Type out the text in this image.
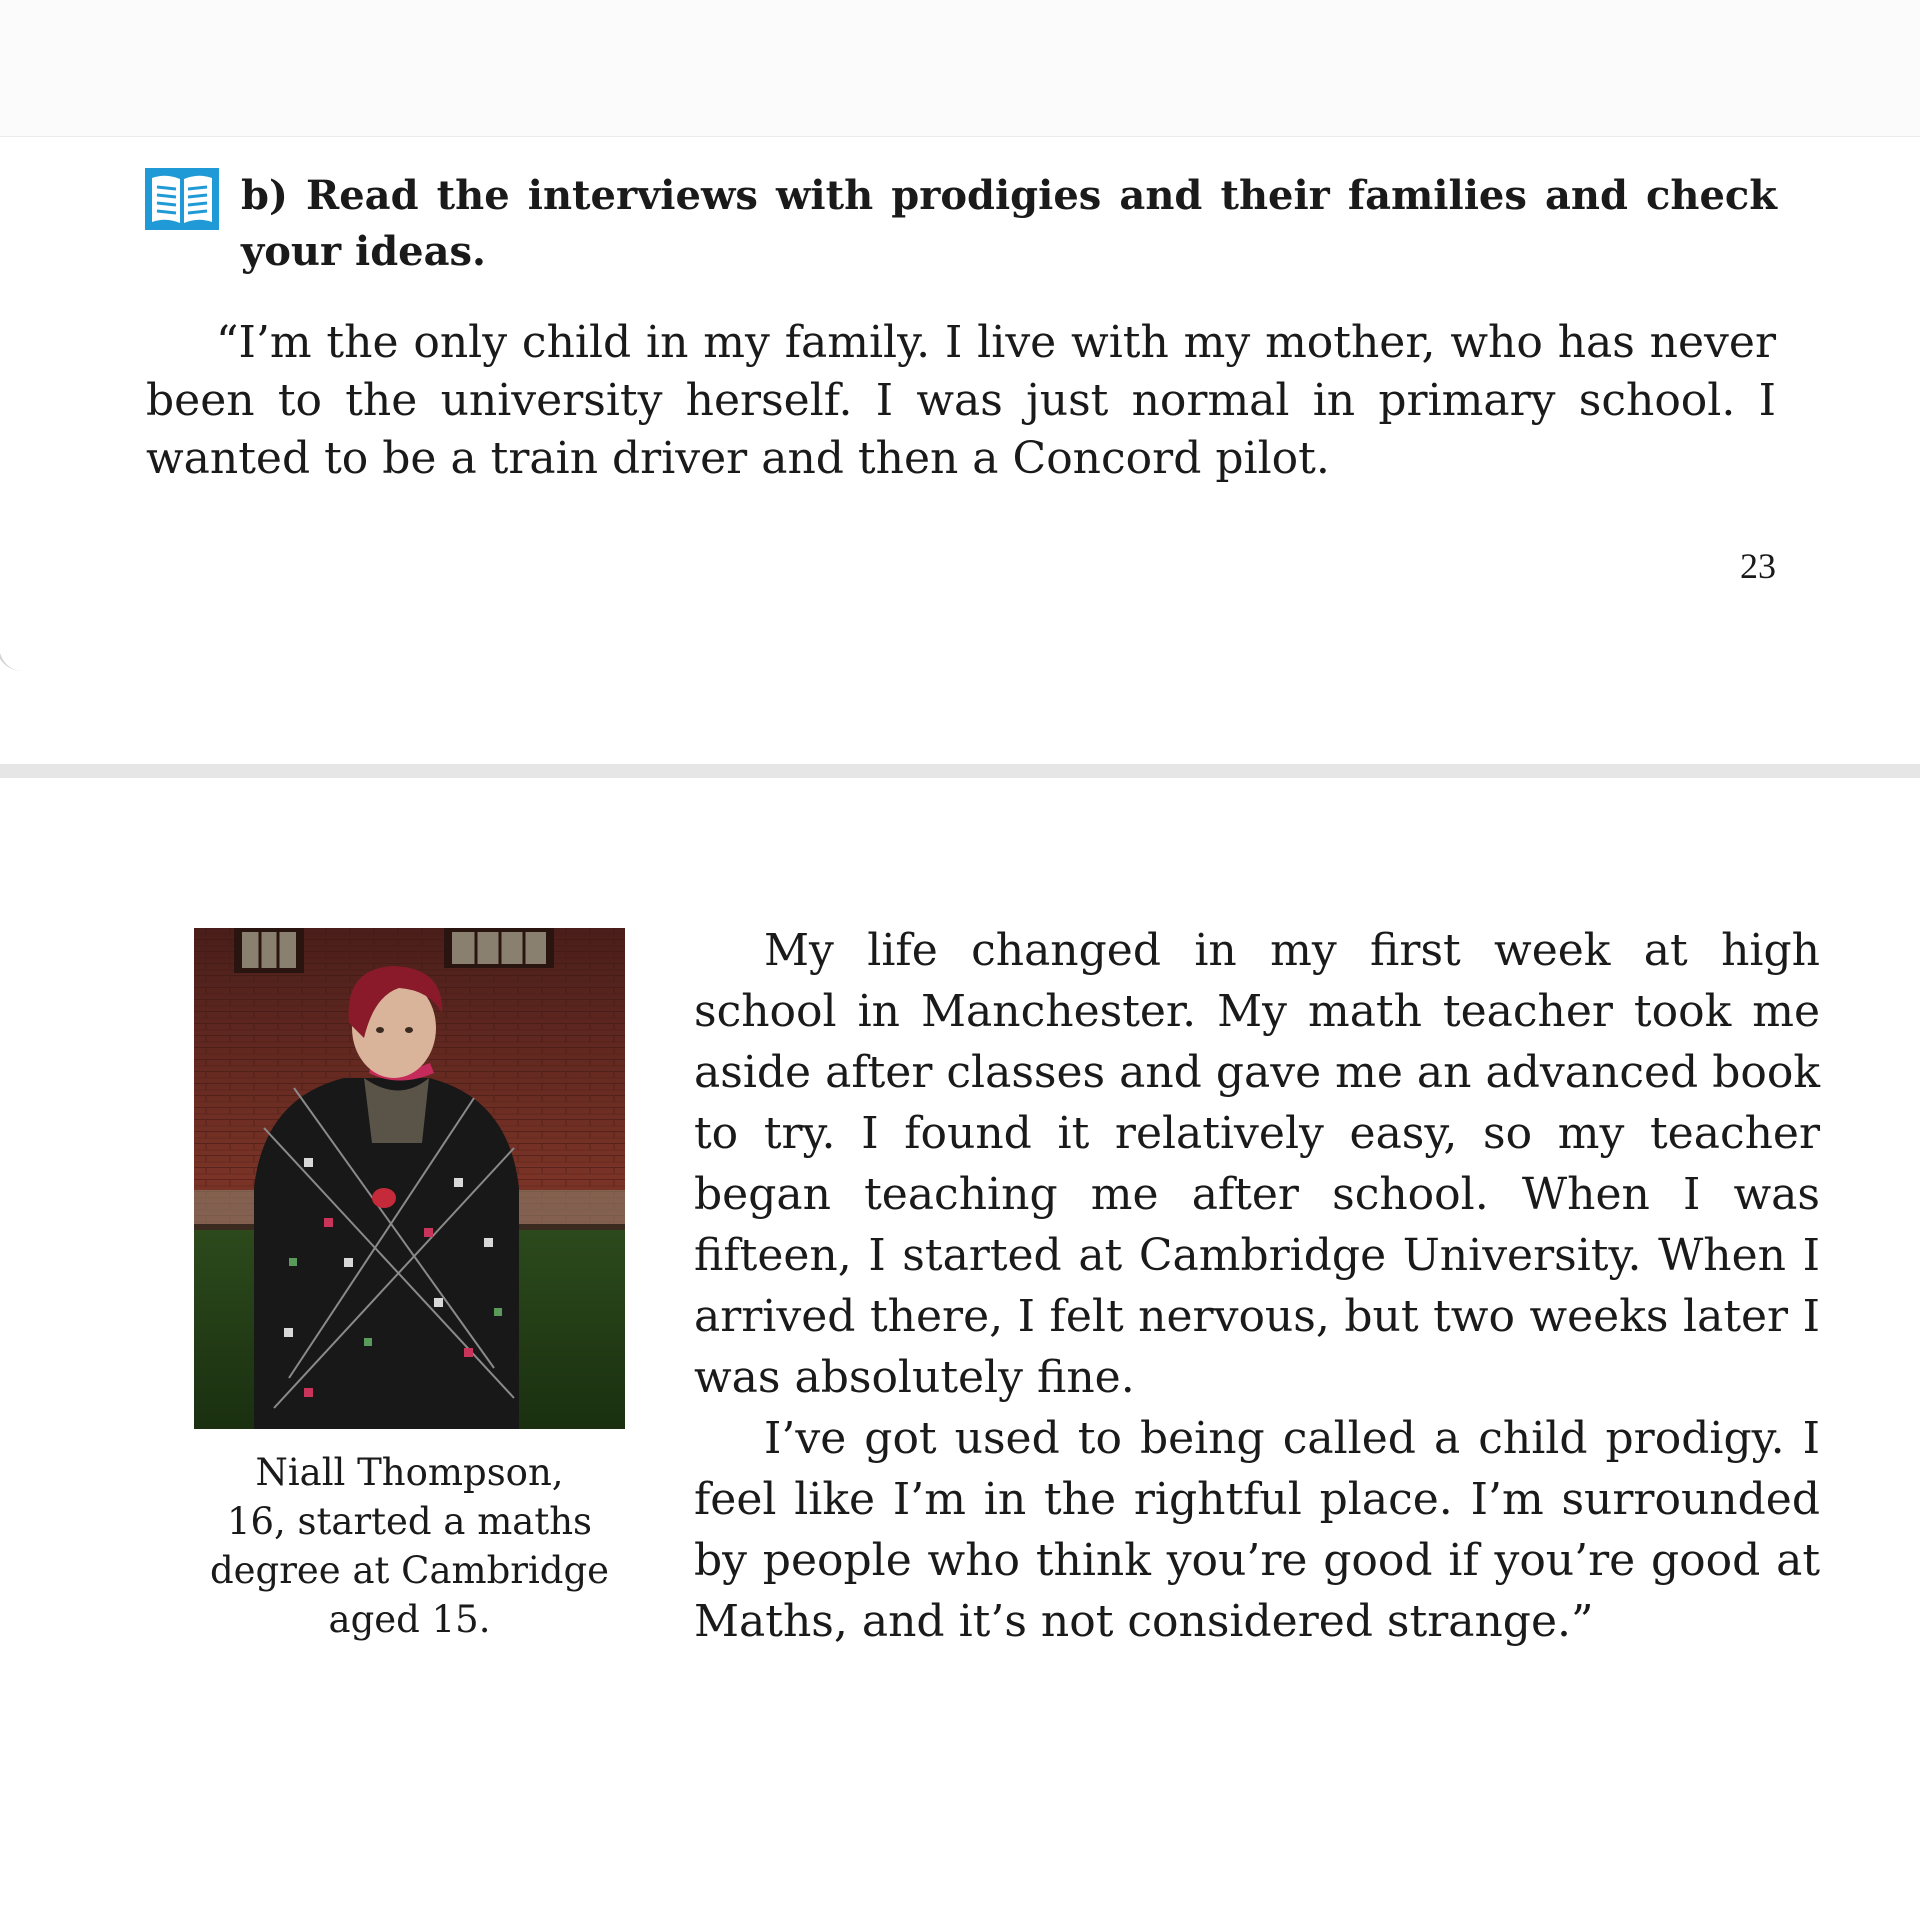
b) Read the interviews with prodigies and their families and check your ideas.
“I’m the only child in my family. I live with my mother, who has never been to the university herself. I was just normal in primary school. I wanted to be a train driver and then a Concord pilot.
23
Niall Thompson,
16, started a maths
degree at Cambridge
aged 15.

My life changed in my first week at high school in Manchester. My math teacher took me aside after classes and gave me an advanced book to try. I found it relatively easy, so my teacher began teaching me after school. When I was fifteen, I started at Cambridge University. When I arrived there, I felt nervous, but two weeks later I was absolutely fine.

I’ve got used to being called a child prodigy. I feel like I’m in the rightful place. I’m surrounded by people who think you’re good if you’re good at Maths, and it’s not considered strange.”
